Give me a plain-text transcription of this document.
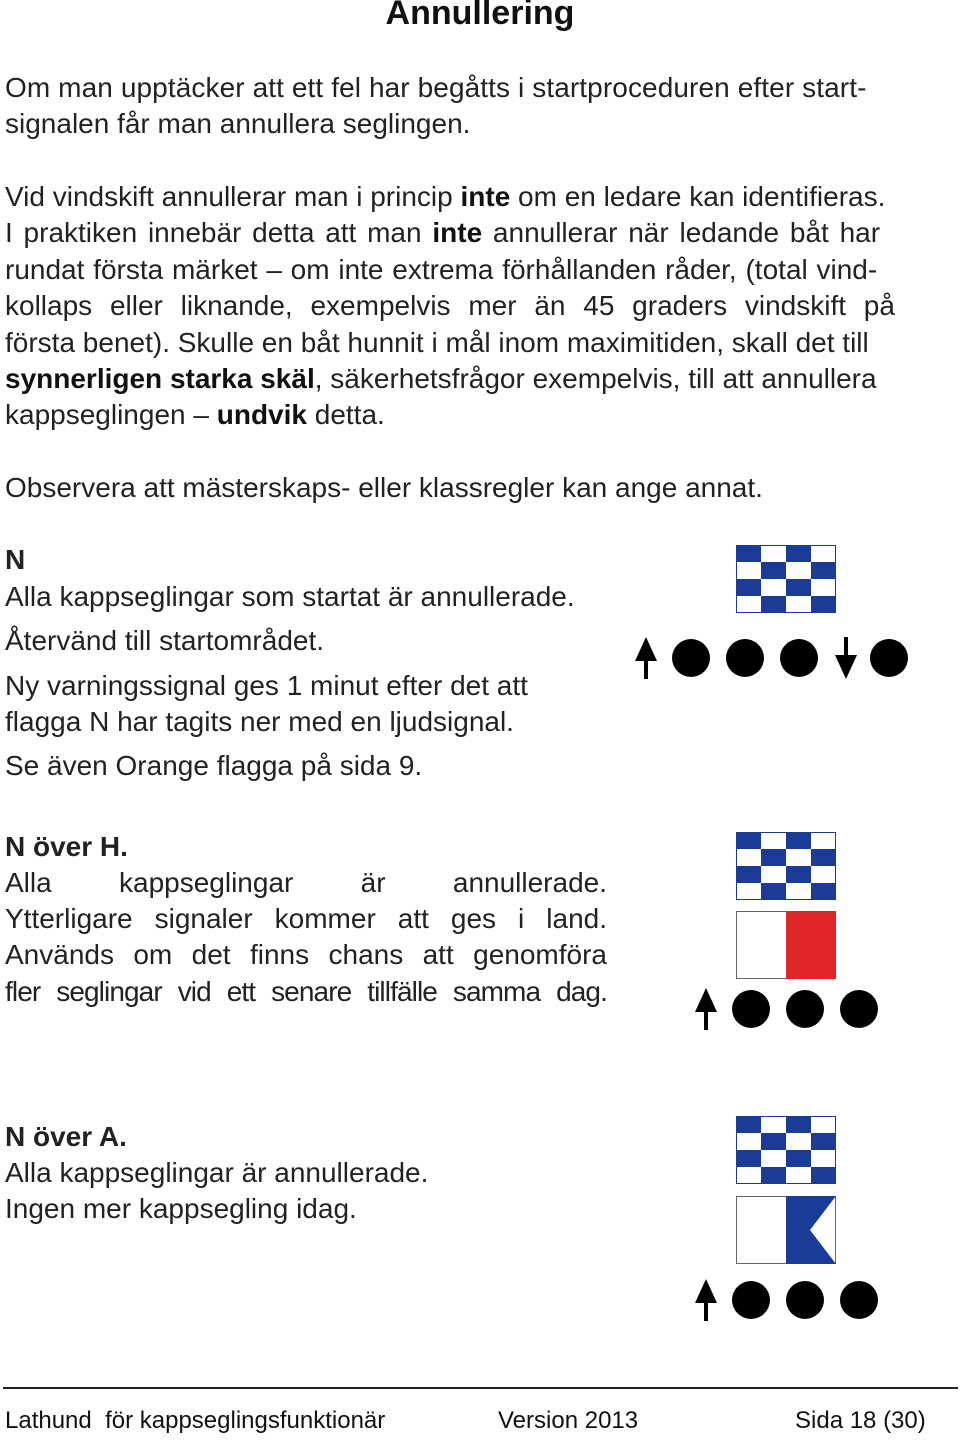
Annullering
Om man upptäcker att ett fel har begåtts i startproceduren efter start-
signalen får man annullera seglingen.
Vid vindskift annullerar man i princip inte om en ledare kan identifieras.
I praktiken innebär detta att man inte annullerar när ledande båt har
rundat första märket – om inte extrema förhållanden råder, (total vind-
kollaps eller liknande, exempelvis mer än 45 graders vindskift på
första benet). Skulle en båt hunnit i mål inom maximitiden, skall det till
synnerligen starka skäl, säkerhetsfrågor exempelvis, till att annullera
kappseglingen – undvik detta.

Observera att mästerskaps- eller klassregler kan ange annat.

N

Alla kappseglingar som startat är annullerade.

Återvänd till startområdet.

Ny varningssignal ges 1 minut efter det att

flagga N har tagits ner med en ljudsignal.

Se även Orange flagga på sida 9.

N över H.

Alla kappseglingar är annullerade.

Ytterligare signaler kommer att ges i land.

Används om det finns chans att genomföra

fler seglingar vid ett senare tillfälle samma dag.

N över A.

Alla kappseglingar är annullerade.

Ingen mer kappsegling idag.

Lathund  för kappseglingsfunktionär	Version 2013	Sida 18 (30)
